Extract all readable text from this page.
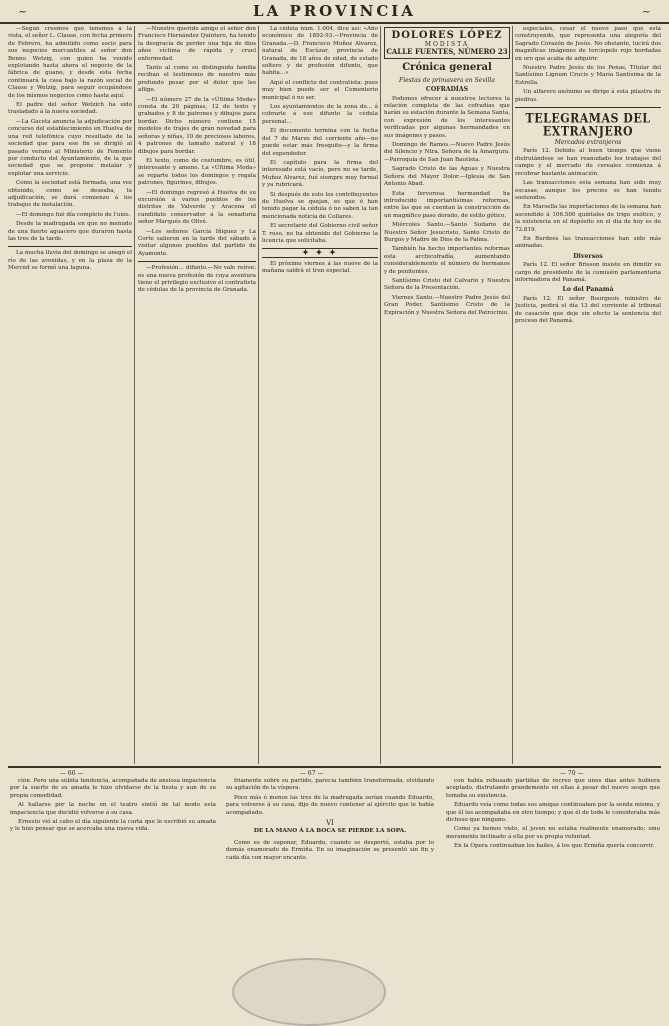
~	LA PROVINCIA	~

—Según creemos que tenemos á la vista, el señor L. Clause, con fecha primero de Febrero, ha admitido como socio para sus negocios mercantiles al señor don Benno Wetzig, con quien ha venido explotando hasta ahora el negocio de la fábrica de guano, y desde esta fecha continuará la casa bajo la razón social de Clause y Wetzig, para seguir ocupándose de los mismos negocios como hasta aquí.

El padre del señor Wetzich ha sido trasladado á la nueva sociedad.

—La Gaceta anuncia la adjudicación por concurso del establecimiento en Huelva de una red telefónica cuyo resultado de la sociedad que para ese fin se dirigió al pasado verano al Ministerio de Fomento por conducto del Ayuntamiento, de la que sociedad que se propone instalar y explotar una servicio.

Como la sociedad está formada, una vez obtenido, como se deseaba, la adjudicación, se dará comienzo á los trabajos de instalación.

—El domingo fué día completo de l'unis.

Desde la madrugada en que no menudo de una fuerte aguacero que duraron hasta las tres de la tarde.

La mucha lluvia del domingo se anegó el río de las avenidas, y en la plaza de la Merced se formó una laguna.

—Nuestro querido amigo el señor don Francisco Hernández Quintero, ha tenido la desgracia de perder una hija de dios años víctima de rápida y cruel enfermedad.

Tanto al como su distinguida familia reciban el testimonio de nuestro más profundo pesar por el dolor que les aflige.

—El número 27 de la «Última Moda» consta de 20 páginas, 12 de texto y grabados y 8 de patrones y dibujos para bordar. Dicho número contiene 15 modelos de trajes de gran novedad para señoras y niñas, 10 de preciosos labores, 4 patrones de tamaño natural y 18 dibujos para bordar.

El texto, como de costumbre, es útil, interesante y ameno. La «Última Moda» se reparte todos los domingos y regala patrones, figurines, dibujos.

—El domingo regresó á Huelva de su excursión á varios pueblos de los distritos de Valverde y Aracena el candidato conservador á la senaduría señor Marqués de Olivé.

—Los señores García Iñiguez y La Corte salieron en la tarde del sábado á visitar algunos pueblos del partido de Ayamonte.

—Profesión... difunto.—No vale reírse; es una nueva profesión de cuya aventura tiene el privilegio exclusivo el contratista de cédulas de la provincia de Granada.

La cédula núm. 1.004, dice así: «Año económico de 1892-93.—Provincia de Granada.—D. Francisco Muñoz Alvarez, natural de Escúzar, provincia de Granada, de 18 años de edad, de estado soltero y de profesión difunto, que habita...»

Aquí el conflicto del contratista: pues muy bien puede ser el Cementerio municipal ó no ser.

Los ayuntamientos de la zona de... á cobrarle á ese difunto la cédula personal...

El documento termina con la fecha del 7 de Marzo del corriente año—no puede estar más fresquito—y la firma del expendedor.

El capítulo para la firma del interesado está vacío, pero no se tarde, Muñoz Alvarez, fué siempre muy formal y ya rubricará.

Si después de esto los contribuyentes de Huelva se quejan, es que ó han tenido pagar la cédula ó no saben la tan mencionada noticia de Collares.

El secretario del Gobierno civil señor T. ruso, no ha obtenido del Gobierno la licencia que solicitaba.

✦ ✦ ✦

El próximo viernes á las nueve de la mañana saldrá el tren especial.

DOLORES LÓPEZ
MODISTA
CALLE FUENTES, NÚMERO 23
Crónica general
Fiestas de primavera en Sevilla
COFRADÍAS

Podemos ofrecer á nuestros lectores la relación completa de las cofradías que harán su estación durante la Semana Santa, con expresión de los interesantes verificadas por algunas hermandades en sus imágenes y pasos.

Domingo de Ramos.—Nuevo Padre Jesús del Silencio y Ntra. Señora de la Amargura.—Parroquia de San Juan Bautista.

Sagrado Cristo de las Aguas y Nuestra Señora del Mayor Dolor.—Iglesia de San Antonio Abad.

Esta fervorosa hermandad ha introducido importantísimas reformas, entre las que se cuentan la construcción de un magnífico paso dorado, de estilo gótico.

Miércoles Santo.—Santo Sudario de Nuestro Señor Jesucristo, Santo Cristo de Burgos y Madre de Dios de la Palma.

También ha hecho importantes reformas esta archicofradía, aumentando considerablemente el número de hermanos y de penitentes.

Santísimo Cristo del Calvario y Nuestra Señora de la Presentación.

Viernes Santo.—Nuestro Padre Jesús del Gran Poder, Santísimo Cristo de la Expiración y Nuestra Señora del Patrocinio.

especiales, cesar el nuevo paso que está construyendo, que representa una alegoría del Sagrado Corazón de Jesús. No obstante, lucirá dos magníficas imágenes de terciopelo rojo bordadas en oro que acaba de adquirir.

Nuestro Padre Jesús de los Penas, Titular del Santísimo Lignum Crucis y María Santísima de la Estrella.

Un alfarero anónimo se dirige á esta pilastra de piedras.

TELEGRAMAS DEL EXTRANJERO
Mercados extranjeros

París 12. Debido al buen tiempo que viene disfrutándose se han reanudado los trabajos del campo y el mercado de cereales comienza á recobrar bastante animación.

Las transacciones esta semana han sido muy escasas, aunque los precios se han tenido sostenidos.

En Marsella las importaciones de la semana han ascendido á 106.500 quintales de trigo exótico, y la existencia en el depósito en el día de hoy es de 72.819.

En Burdeos las transacciones han sido más animadas.

Diversos

París 12. El señor Brisson insiste en dimitir su cargo de presidente de la comisión parlamentaria informadora del Panamá.

Lo del Panamá

París 12. El señor Bourgeois ministro de Justicia, pedirá el día 13 del corriente al tribunal de casación que deje sin efecto la sentencia del proceso del Panamá.

— 66 —	— 67 —	— 70 —

ción. Pero una súbita tendencia, acompañada de ansiosa impaciencia por la suerte de su amada le hizo olvidarse de la fiesta y aun de su propia comodidad.

Al hallarse por la noche en el teatro sintió de tal modo esta impaciencia que decidió volverse á su casa.

Ernesto vió al cabo el día siguiente la carta que le escribió su amada y le hizo pensar que se acercaba una nueva vida.

friamente sobre su partido, parecía también transformada, olvidando su agitación de la víspera.

Poco más ó menos las tres de la madrugada serían cuando Eduardo, para volverse á su casa, dijo de nuevo contener al ejército que le había acompañado.

VI
DE LA MANO Á LA BOCA SE PIERDE LA SOPA.

Como es de suponer, Eduardo, cuando se despertó, estaba por lo demás enamorado de Ermiña. En su imaginación se presentó sin fin y cada día con mayor encanto.

con había rebusado partidas de recreo que unos días antes hubiera aceptado, disfrutando grandemente en ellas á pesar del nuevo sesgo que tomaba su existencia.

Eduardo veía como todas sus amigas continuaban por la senda misma, y que él les acompañaba en otro tiempo; y que él de todo le consideraba más dichoso que ninguno.

Como ya hemos visto, el joven no estaba realmente enamorado; sino meramente inclinado á ella por su propia voluntad.

En la Opera continuaban los bailes, á los que Ermiña quería concurrir.
